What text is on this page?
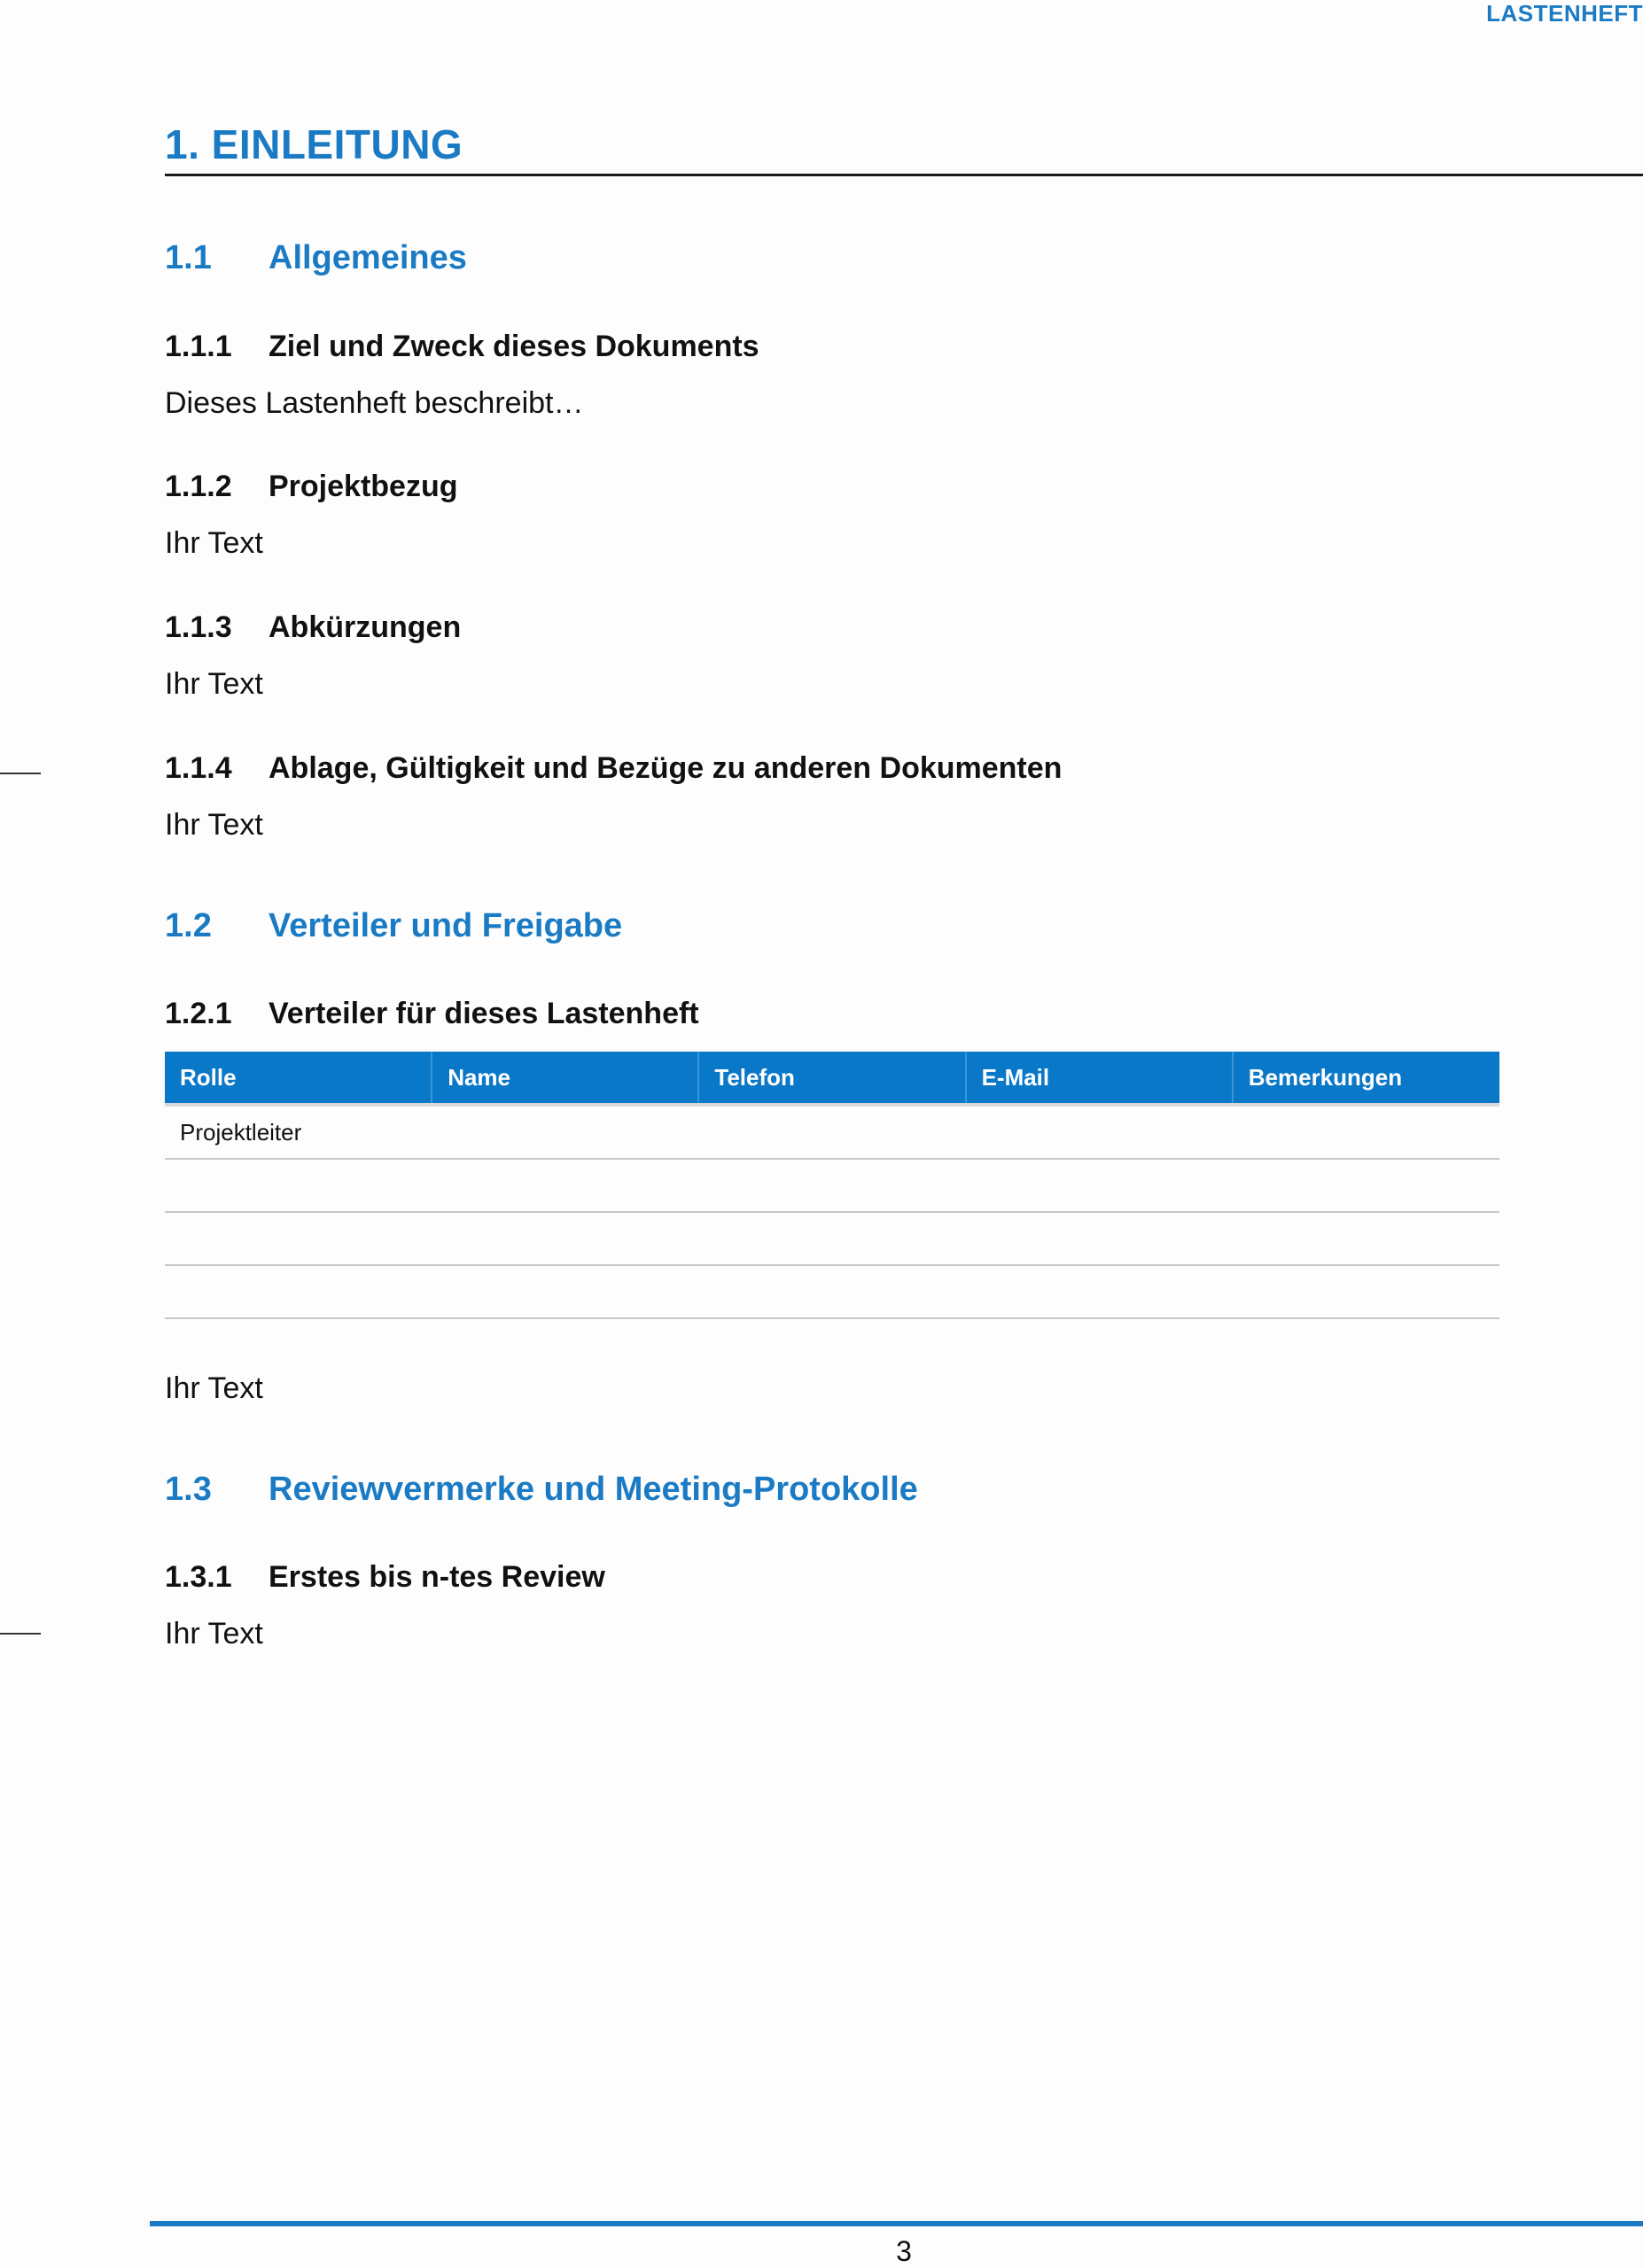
LASTENHEFT
1. EINLEITUNG
1.1 Allgemeines
1.1.1 Ziel und Zweck dieses Dokuments
Dieses Lastenheft beschreibt…
1.1.2 Projektbezug
Ihr Text
1.1.3 Abkürzungen
Ihr Text
1.1.4 Ablage, Gültigkeit und Bezüge zu anderen Dokumenten
Ihr Text
1.2 Verteiler und Freigabe
1.2.1 Verteiler für dieses Lastenheft
Rolle	Name	Telefon	E-Mail	Bemerkungen
Projektleiter				

Ihr Text
1.3 Reviewvermerke und Meeting-Protokolle
1.3.1 Erstes bis n-tes Review
Ihr Text
3
